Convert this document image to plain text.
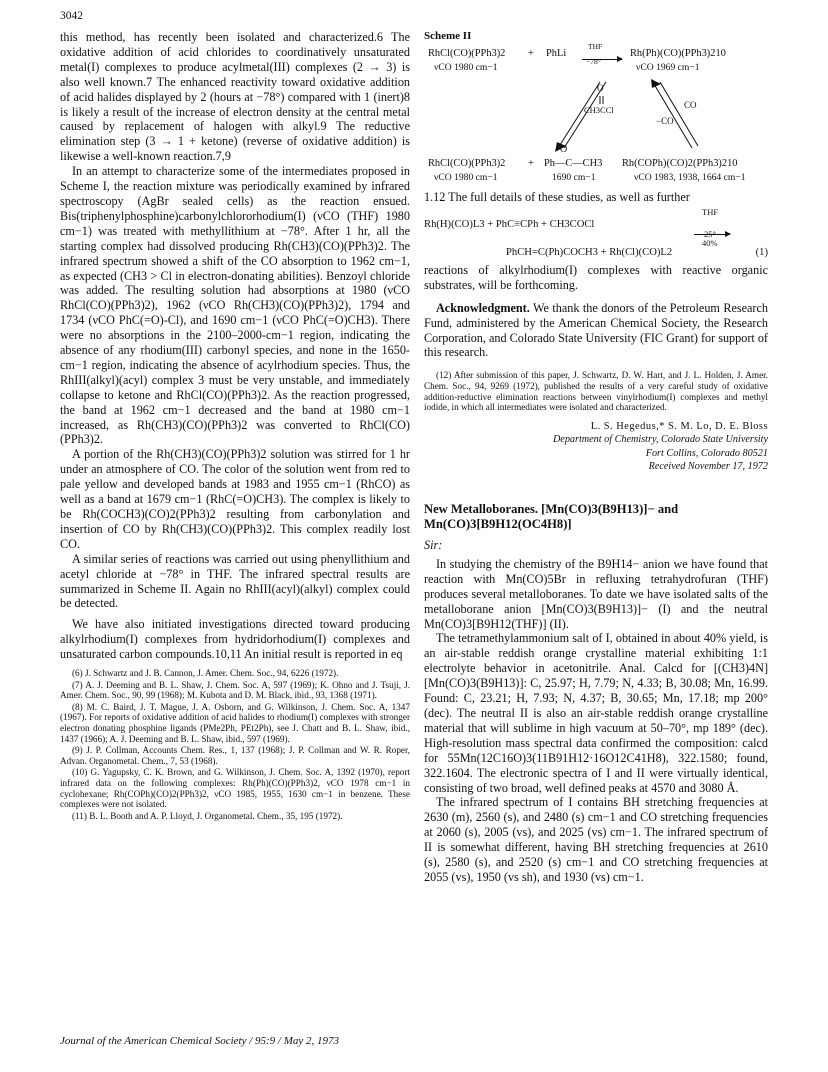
3042

this method, has recently been isolated and characterized.6 The oxidative addition of acid chlorides to coordinatively unsaturated metal(I) complexes to produce acylmetal(III) complexes (2 → 3) is also well known.7 The enhanced reactivity toward oxidative addition of acid halides displayed by 2 (hours at −78°) compared with 1 (inert)8 is likely a result of the increase of electron density at the central metal caused by replacement of halogen with alkyl.9 The reductive elimination step (3 → 1 + ketone) (reverse of oxidative addition) is likewise a well-known reaction.7,9

In an attempt to characterize some of the intermediates proposed in Scheme I, the reaction mixture was periodically examined by infrared spectroscopy (AgBr sealed cells) as the reaction ensued. Bis(triphenylphosphine)carbonylchlororhodium(I) (νCO (THF) 1980 cm−1) was treated with methyllithium at −78°. After 1 hr, all the starting complex had dissolved producing Rh(CH3)(CO)(PPh3)2. The infrared spectrum showed a shift of the CO absorption to 1962 cm−1, as expected (CH3 > Cl in electron-donating abilities). Benzoyl chloride was added. The resulting solution had absorptions at 1980 (νCO RhCl(CO)(PPh3)2), 1962 (νCO Rh(CH3)(CO)(PPh3)2), 1794 and 1734 (νCO PhC(=O)-Cl), and 1690 cm−1 (νCO PhC(=O)CH3). There were no absorptions in the 2100–2000-cm−1 region, indicating the absence of any rhodium(III) carbonyl species, and none in the 1650-cm−1 region, indicating the absence of acylrhodium species. Thus, the RhIII(alkyl)(acyl) complex 3 must be very unstable, and immediately collapse to ketone and RhCl(CO)(PPh3)2. As the reaction progressed, the band at 1962 cm−1 decreased and the band at 1980 cm−1 increased, as Rh(CH3)(CO)(PPh3)2 was converted to RhCl(CO)(PPh3)2.

A portion of the Rh(CH3)(CO)(PPh3)2 solution was stirred for 1 hr under an atmosphere of CO. The color of the solution went from red to pale yellow and developed bands at 1983 and 1955 cm−1 (RhCO) as well as a band at 1679 cm−1 (RhC(=O)CH3). The complex is likely to be Rh(COCH3)(CO)2(PPh3)2 resulting from carbonylation and insertion of CO by Rh(CH3)(CO)(PPh3)2. This complex readily lost CO.

A similar series of reactions was carried out using phenyllithium and acetyl chloride at −78° in THF. The infrared spectral results are summarized in Scheme II. Again no RhIII(acyl)(alkyl) complex could be detected.

We have also initiated investigations directed toward producing alkylrhodium(I) complexes from hydridorhodium(I) complexes and unsaturated carbon compounds.10,11 An initial result is reported in eq

(6) J. Schwartz and J. B. Cannon, J. Amer. Chem. Soc., 94, 6226 (1972).

(7) A. J. Deeming and B. L. Shaw, J. Chem. Soc. A, 597 (1969); K. Ohno and J. Tsuji, J. Amer. Chem. Soc., 90, 99 (1968); M. Kubota and D. M. Black, ibid., 93, 1368 (1971).

(8) M. C. Baird, J. T. Mague, J. A. Osborn, and G. Wilkinson, J. Chem. Soc. A, 1347 (1967). For reports of oxidative addition of acid halides to rhodium(I) complexes with stronger electron donating phosphine ligands (PMe2Ph, PEt2Ph), see J. Chatt and B. L. Shaw, ibid., 1437 (1966); A. J. Deeming and B. L. Shaw, ibid., 597 (1969).

(9) J. P. Collman, Accounts Chem. Res., 1, 137 (1968); J. P. Collman and W. R. Roper, Advan. Organometal. Chem., 7, 53 (1968).

(10) G. Yagupsky, C. K. Brown, and G. Wilkinson, J. Chem. Soc. A, 1392 (1970), report infrared data on the following complexes: Rh(Ph)(CO)(PPh3)2, νCO 1978 cm−1 in cyclohexane; Rh(COPh)(CO)2(PPh3)2, νCO 1985, 1955, 1630 cm−1 in benzene. These complexes were not isolated.

(11) B. L. Booth and A. P. Lloyd, J. Organometal. Chem., 35, 195 (1972).

Scheme II
RhCl(CO)(PPh3)2 + PhLi
THF
−78°
Rh(Ph)(CO)(PPh3)210
νCO 1980 cm−1	νCO 1969 cm−1
O
CH3CCl	CO
−CO
O
RhCl(CO)(PPh3)2 + Ph—C—CH3 Rh(COPh)(CO)2(PPh3)210
νCO 1980 cm−1	1690 cm−1	νCO 1983, 1938, 1664 cm−1

1.12 The full details of these studies, as well as further

Rh(H)(CO)L3 + PhC≡CPh + CH3COCl
THF
25°
40%
PhCH=C(Ph)COCH3 + Rh(Cl)(CO)L2	(1)

reactions of alkylrhodium(I) complexes with reactive organic substrates, will be forthcoming.

Acknowledgment. We thank the donors of the Petroleum Research Fund, administered by the American Chemical Society, the Research Corporation, and Colorado State University (FIC Grant) for support of this research.

(12) After submission of this paper, J. Schwartz, D. W. Hart, and J. L. Holden, J. Amer. Chem. Soc., 94, 9269 (1972), published the results of a very careful study of oxidative addition-reductive elimination reactions between vinylrhodium(I) complexes and methyl iodide, in which all intermediates were isolated and characterized.

L. S. Hegedus,* S. M. Lo, D. E. Bloss
Department of Chemistry, Colorado State University
Fort Collins, Colorado 80521
Received November 17, 1972
New Metalloboranes. [Mn(CO)3(B9H13)]− and Mn(CO)3[B9H12(OC4H8)]
Sir:

In studying the chemistry of the B9H14− anion we have found that reaction with Mn(CO)5Br in refluxing tetrahydrofuran (THF) produces several metalloboranes. To date we have isolated salts of the metalloborane anion [Mn(CO)3(B9H13)]− (I) and the neutral Mn(CO)3[B9H12(THF)] (II).

The tetramethylammonium salt of I, obtained in about 40% yield, is an air-stable reddish orange crystalline material exhibiting 1:1 electrolyte behavior in acetonitrile. Anal. Calcd for [(CH3)4N][Mn(CO)3(B9H13)]: C, 25.97; H, 7.79; N, 4.33; B, 30.08; Mn, 16.99. Found: C, 23.21; H, 7.93; N, 4.37; B, 30.65; Mn, 17.18; mp 200° (dec). The neutral II is also an air-stable reddish orange crystalline material that will sublime in high vacuum at 50–70°, mp 189° (dec). High-resolution mass spectral data confirmed the composition: calcd for 55Mn(12C16O)3(11B91H12·16O12C41H8), 322.1580; found, 322.1604. The electronic spectra of I and II were virtually identical, consisting of two broad, well defined peaks at 4570 and 3080 Å.

The infrared spectrum of I contains BH stretching frequencies at 2630 (m), 2560 (s), and 2480 (s) cm−1 and CO stretching frequencies at 2060 (s), 2005 (vs), and 2025 (vs) cm−1. The infrared spectrum of II is somewhat different, having BH stretching frequencies at 2610 (s), 2580 (s), and 2520 (s) cm−1 and CO stretching frequencies at 2055 (vs), 1950 (vs sh), and 1930 (vs) cm−1.

Journal of the American Chemical Society / 95:9 / May 2, 1973
